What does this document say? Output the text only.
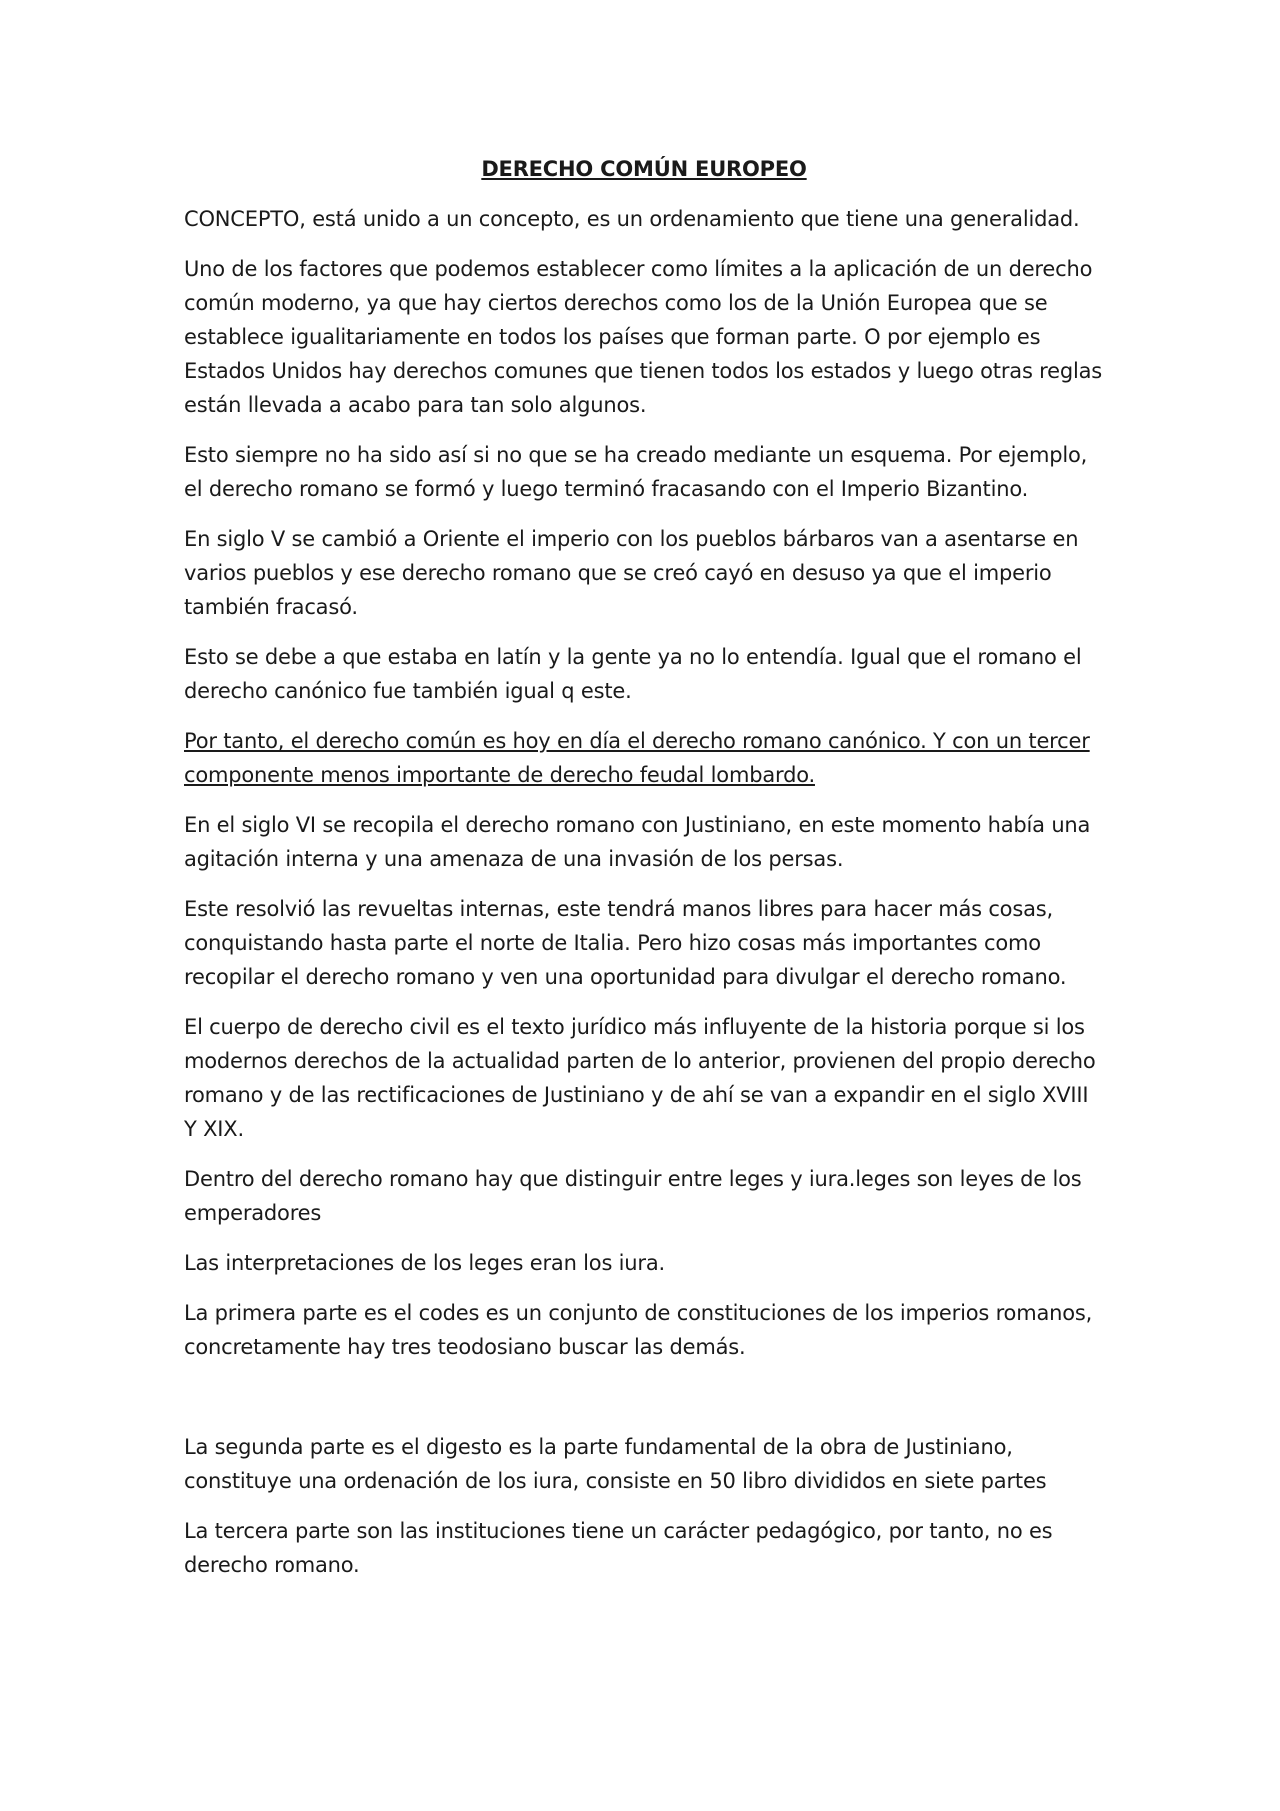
DERECHO COMÚN EUROPEO

CONCEPTO, está unido a un concepto, es un ordenamiento que tiene una generalidad.

Uno de los factores que podemos establecer como límites a la aplicación de un derecho común moderno, ya que hay ciertos derechos como los de la Unión Europea que se establece igualitariamente en todos los países que forman parte. O por ejemplo es Estados Unidos hay derechos comunes que tienen todos los estados y luego otras reglas están llevada a acabo para tan solo algunos.

Esto siempre no ha sido así si no que se ha creado mediante un esquema. Por ejemplo, el derecho romano se formó y luego terminó fracasando con el Imperio Bizantino.

En siglo V se cambió a Oriente el imperio con los pueblos bárbaros van a asentarse en varios pueblos y ese derecho romano que se creó cayó en desuso ya que el imperio también fracasó.

Esto se debe a que estaba en latín y la gente ya no lo entendía. Igual que el romano el derecho canónico fue también igual q este.

Por tanto, el derecho común es hoy en día el derecho romano canónico. Y con un tercer componente menos importante de derecho feudal lombardo.

En el siglo VI se recopila el derecho romano con Justiniano, en este momento había una agitación interna y una amenaza de una invasión de los persas.

Este resolvió las revueltas internas, este tendrá manos libres para hacer más cosas, conquistando hasta parte el norte de Italia. Pero hizo cosas más importantes como recopilar el derecho romano y ven una oportunidad para divulgar el derecho romano.

El cuerpo de derecho civil es el texto jurídico más influyente de la historia porque si los modernos derechos de la actualidad parten de lo anterior, provienen del propio derecho romano y de las rectificaciones de Justiniano y de ahí se van a expandir en el siglo XVIII Y XIX.

Dentro del derecho romano hay que distinguir entre leges y iura.leges son leyes de los emperadores

Las interpretaciones de los leges eran los iura.

La primera parte es el codes es un conjunto de constituciones de los imperios romanos, concretamente hay tres teodosiano buscar las demás.

La segunda parte es el digesto es la parte fundamental de la obra de Justiniano, constituye una ordenación de los iura, consiste en 50 libro divididos en siete partes

La tercera parte son las instituciones tiene un carácter pedagógico, por tanto, no es derecho romano.
